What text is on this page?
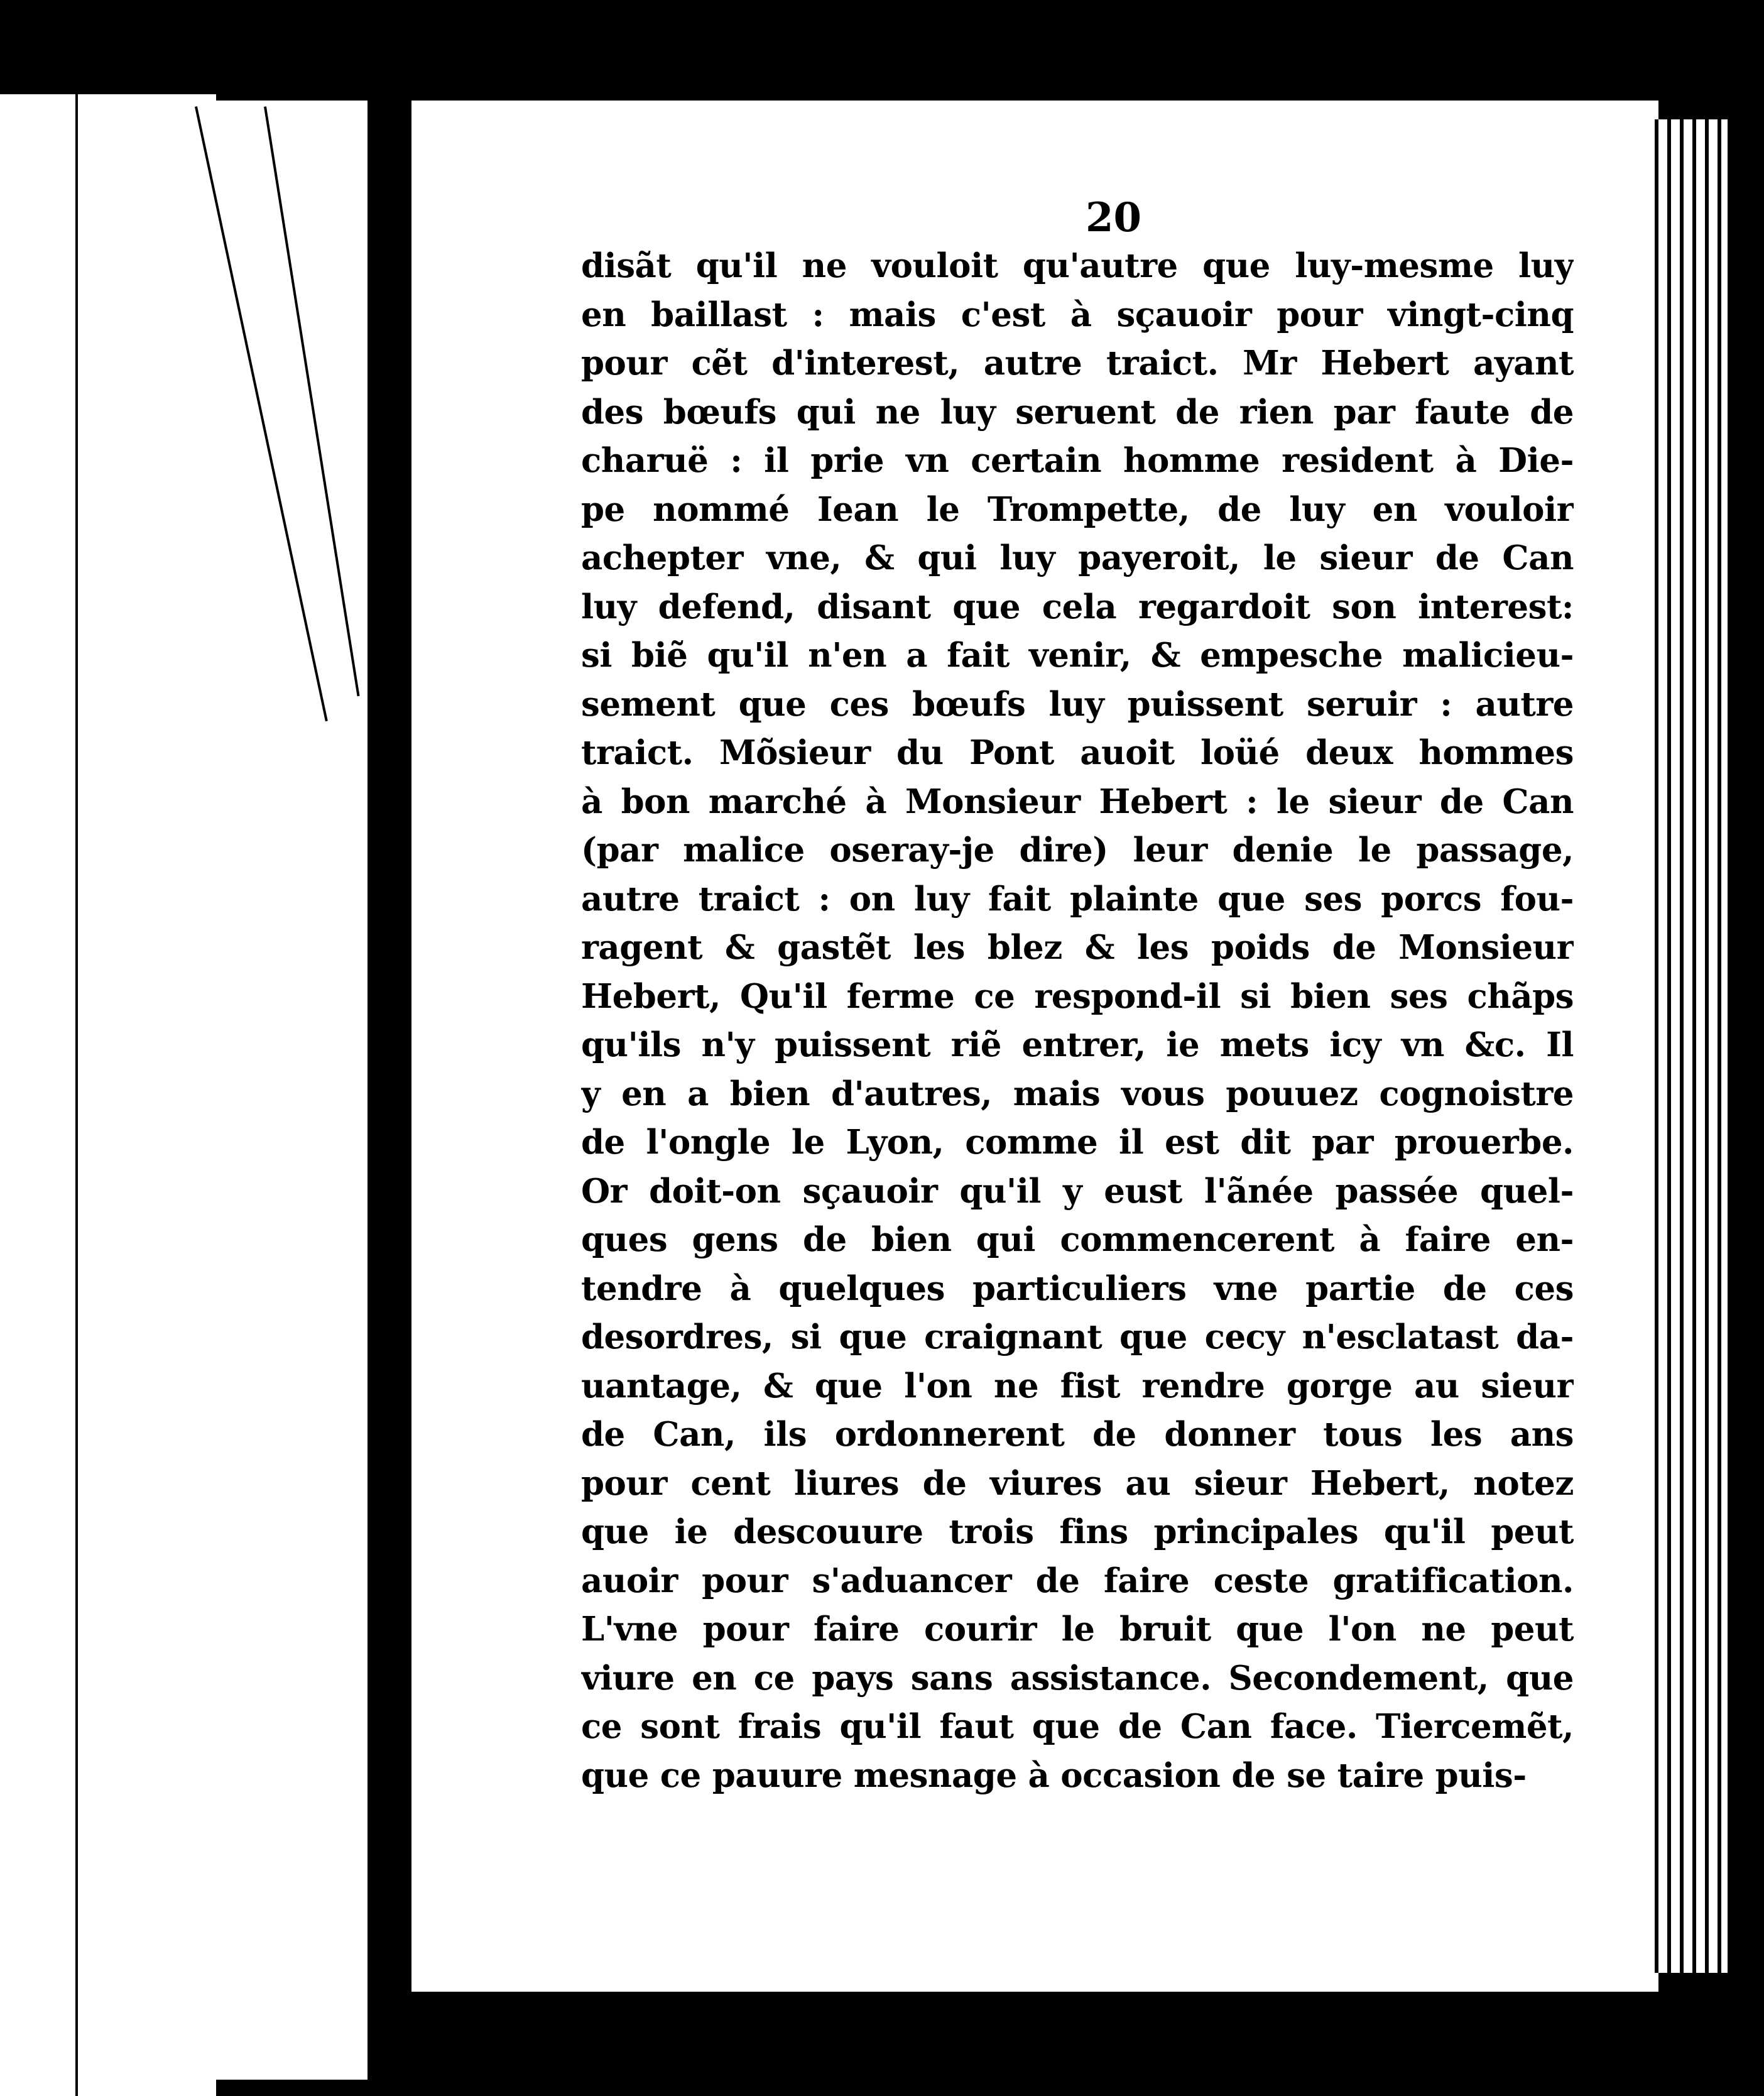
20
disãt qu'il ne vouloit qu'autre que luy-mesme luy
en baillast : mais c'est à sçauoir pour vingt-cinq
pour cẽt d'interest, autre traict. Mr Hebert ayant
des bœufs qui ne luy seruent de rien par faute de
charuë : il prie vn certain homme resident à Die-
pe nommé Iean le Trompette, de luy en vouloir
achepter vne, & qui luy payeroit, le sieur de Can
luy defend, disant que cela regardoit son interest:
si biẽ qu'il n'en a fait venir, & empesche malicieu-
sement que ces bœufs luy puissent seruir : autre
traict. Mõsieur du Pont auoit loüé deux hommes
à bon marché à Monsieur Hebert : le sieur de Can
(par malice oseray-je dire) leur denie le passage,
autre traict : on luy fait plainte que ses porcs fou-
ragent & gastẽt les blez & les poids de Monsieur
Hebert, Qu'il ferme ce respond-il si bien ses chãps
qu'ils n'y puissent riẽ entrer, ie mets icy vn &c. Il
y en a bien d'autres, mais vous pouuez cognoistre
de l'ongle le Lyon, comme il est dit par prouerbe.
Or doit-on sçauoir qu'il y eust l'ãnée passée quel-
ques gens de bien qui commencerent à faire en-
tendre à quelques particuliers vne partie de ces
desordres, si que craignant que cecy n'esclatast da-
uantage, & que l'on ne fist rendre gorge au sieur
de Can, ils ordonnerent de donner tous les ans
pour cent liures de viures au sieur Hebert, notez
que ie descouure trois fins principales qu'il peut
auoir pour s'aduancer de faire ceste gratification.
L'vne pour faire courir le bruit que l'on ne peut
viure en ce pays sans assistance. Secondement, que
ce sont frais qu'il faut que de Can face. Tiercemẽt,
que ce pauure mesnage à occasion de se taire puis-
